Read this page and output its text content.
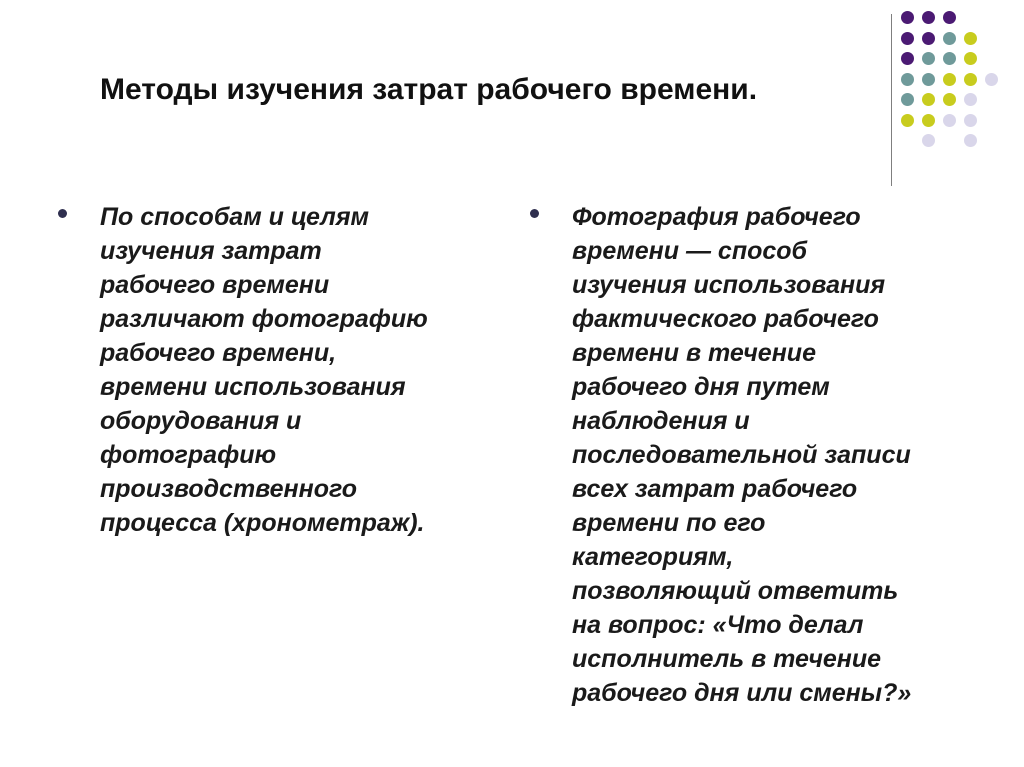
Методы изучения затрат рабочего времени.
По способам и целям
изучения затрат
рабочего времени
различают фотографию
рабочего времени,
времени использования
оборудования и
фотографию
производственного
процесса (хронометраж).
Фотография рабочего
времени — способ
изучения использования
фактического рабочего
времени в течение
рабочего дня путем
наблюдения и
последовательной записи
всех затрат рабочего
времени по его
категориям,
позволяющий ответить
на вопрос: «Что делал
исполнитель в течение
рабочего дня или смены?»
